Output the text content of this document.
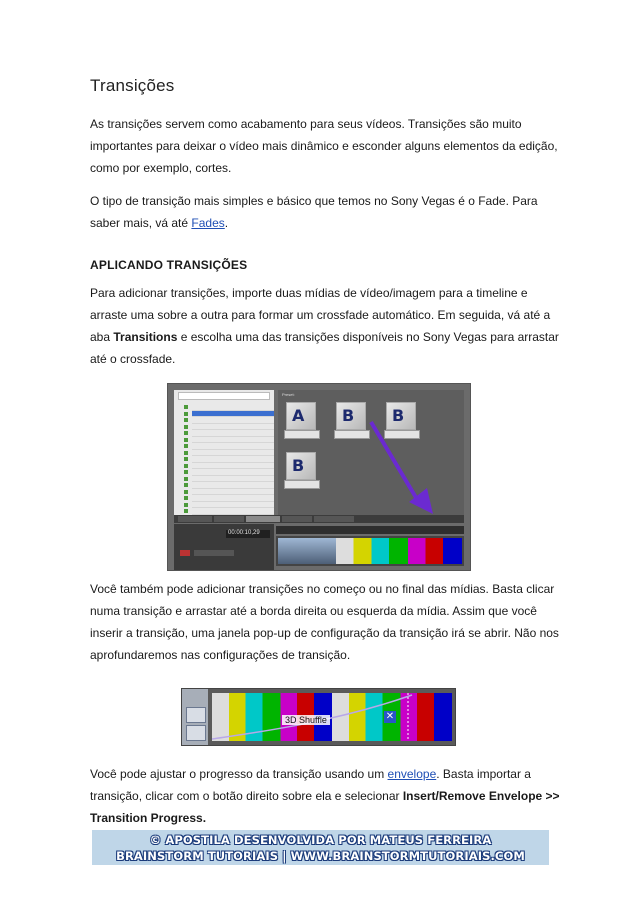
Transições
As transições servem como acabamento para seus vídeos. Transições são muito importantes para deixar o vídeo mais dinâmico e esconder alguns elementos da edição, como por exemplo, cortes.
O tipo de transição mais simples e básico que temos no Sony Vegas é o Fade. Para saber mais, vá até Fades.
APLICANDO TRANSIÇÕES
Para adicionar transições, importe duas mídias de vídeo/imagem para a timeline e arraste uma sobre a outra para formar um crossfade automático. Em seguida, vá até a aba Transitions e escolha uma das transições disponíveis no Sony Vegas para arrastar até o crossfade.
Você também pode adicionar transições no começo ou no final das mídias. Basta clicar numa transição e arrastar até a borda direita ou esquerda da mídia. Assim que você inserir a transição, uma janela pop-up de configuração da transição irá se abrir. Não nos aprofundaremos nas configurações de transição.
Você pode ajustar o progresso da transição usando um envelope. Basta importar a transição, clicar com o botão direito sobre ela e selecionar Insert/Remove Envelope >> Transition Progress.
Preset:
A B B
B
00:00:10,29
3D Shuffle	✕
© APOSTILA DESENVOLVIDA POR MATEUS FERREIRA
BRAINSTORM TUTORIAIS | WWW.BRAINSTORMTUTORIAIS.COM
